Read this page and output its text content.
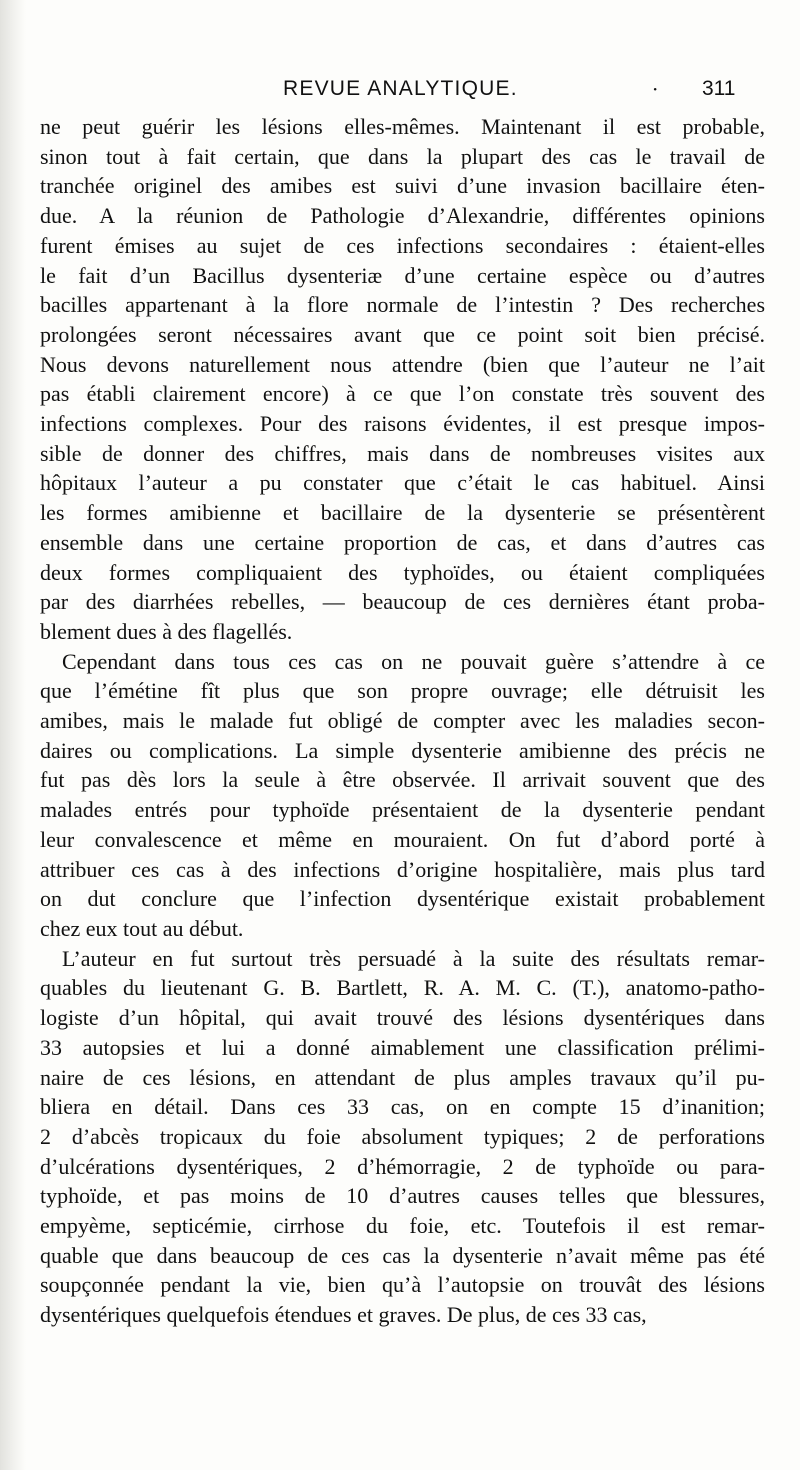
REVUE ANALYTIQUE.	· 311

ne peut guérir les lésions elles-mêmes. Maintenant il est probable,
sinon tout à fait certain, que dans la plupart des cas le travail de
tranchée originel des amibes est suivi d’une invasion bacillaire éten-
due. A la réunion de Pathologie d’Alexandrie, différentes opinions
furent émises au sujet de ces infections secondaires : étaient-elles
le fait d’un Bacillus dysenteriæ d’une certaine espèce ou d’autres
bacilles appartenant à la flore normale de l’intestin ? Des recherches
prolongées seront nécessaires avant que ce point soit bien précisé.
Nous devons naturellement nous attendre (bien que l’auteur ne l’ait
pas établi clairement encore) à ce que l’on constate très souvent des
infections complexes. Pour des raisons évidentes, il est presque impos-
sible de donner des chiffres, mais dans de nombreuses visites aux
hôpitaux l’auteur a pu constater que c’était le cas habituel. Ainsi
les formes amibienne et bacillaire de la dysenterie se présentèrent
ensemble dans une certaine proportion de cas, et dans d’autres cas
deux formes compliquaient des typhoïdes, ou étaient compliquées
par des diarrhées rebelles, — beaucoup de ces dernières étant proba-
blement dues à des flagellés.

Cependant dans tous ces cas on ne pouvait guère s’attendre à ce
que l’émétine fît plus que son propre ouvrage; elle détruisit les
amibes, mais le malade fut obligé de compter avec les maladies secon-
daires ou complications. La simple dysenterie amibienne des précis ne
fut pas dès lors la seule à être observée. Il arrivait souvent que des
malades entrés pour typhoïde présentaient de la dysenterie pendant
leur convalescence et même en mouraient. On fut d’abord porté à
attribuer ces cas à des infections d’origine hospitalière, mais plus tard
on dut conclure que l’infection dysentérique existait probablement
chez eux tout au début.

L’auteur en fut surtout très persuadé à la suite des résultats remar-
quables du lieutenant G. B. Bartlett, R. A. M. C. (T.), anatomo-patho-
logiste d’un hôpital, qui avait trouvé des lésions dysentériques dans
33 autopsies et lui a donné aimablement une classification prélimi-
naire de ces lésions, en attendant de plus amples travaux qu’il pu-
bliera en détail. Dans ces 33 cas, on en compte 15 d’inanition;
2 d’abcès tropicaux du foie absolument typiques; 2 de perforations
d’ulcérations dysentériques, 2 d’hémorragie, 2 de typhoïde ou para-
typhoïde, et pas moins de 10 d’autres causes telles que blessures,
empyème, septicémie, cirrhose du foie, etc. Toutefois il est remar-
quable que dans beaucoup de ces cas la dysenterie n’avait même pas été
soupçonnée pendant la vie, bien qu’à l’autopsie on trouvât des lésions
dysentériques quelquefois étendues et graves. De plus, de ces 33 cas,
